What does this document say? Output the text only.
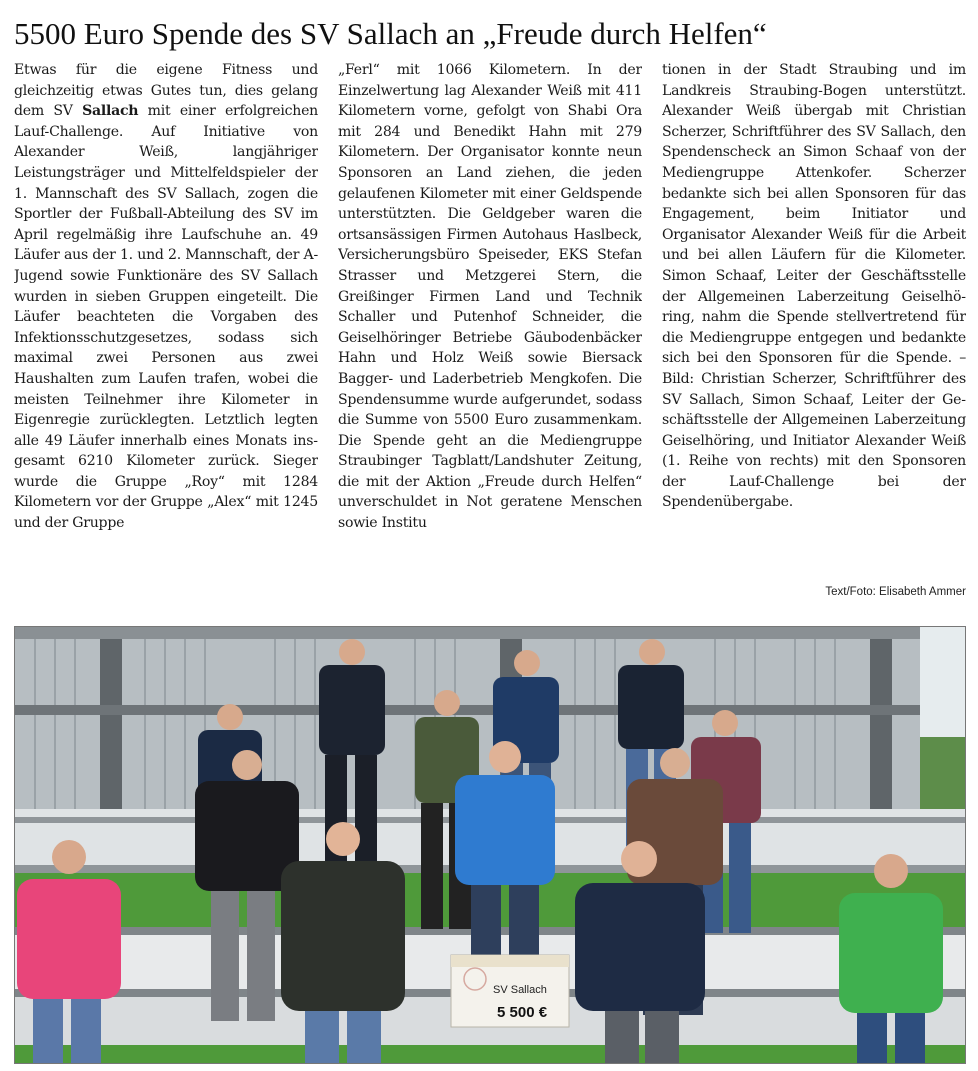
5500 Euro Spende des SV Sallach an „Freude durch Helfen“

Etwas für die eigene Fitness und gleichzeitig etwas Gutes tun, dies gelang dem SV Sallach mit einer erfolgreichen Lauf-Challenge. Auf Initiative von Alexander Weiß, langjähriger Leistungsträger und Mittelfeldspieler der 1. Mannschaft des SV Sallach, zogen die Sportler der Fußball-Abteilung des SV im April regelmäßig ihre Laufschuhe an. 49 Läufer aus der 1. und 2. Mannschaft, der A-Jugend sowie Funktionäre des SV Sallach wurden in sieben Gruppen eingeteilt. Die Läufer beachteten die Vorgaben des Infektionsschutzgesetzes, sodass sich maximal zwei Personen aus zwei Haushalten zum Laufen trafen, wobei die meisten Teilnehmer ihre Kilometer in Eigenregie zurücklegten. Letztlich legten alle 49 Läufer innerhalb eines Monats insgesamt 6210 Kilometer zurück. Sieger wurde die Gruppe „Roy“ mit 1284 Kilometern vor der Gruppe „Alex“ mit 1245 und der Gruppe

„Ferl“ mit 1066 Kilometern. In der Einzelwertung lag Alexander Weiß mit 411 Kilometern vorne, gefolgt von Shabi Ora mit 284 und Benedikt Hahn mit 279 Kilometern. Der Organisator konnte neun Sponsoren an Land ziehen, die jeden gelaufenen Kilometer mit einer Geldspende unterstützten. Die Geldgeber waren die ortsansässigen Firmen Autohaus Haslbeck, Versicherungsbüro Speiseder, EKS Stefan Strasser und Metzgerei Stern, die Greißinger Firmen Land und Technik Schaller und Putenhof Schneider, die Geiselhöringer Betriebe Gäubodenbäcker Hahn und Holz Weiß sowie Biersack Bagger- und Laderbetrieb Mengkofen. Die Spendensumme wurde aufgerundet, sodass die Summe von 5500 Euro zusammenkam. Die Spende geht an die Mediengruppe Straubinger Tagblatt/Landshuter Zeitung, die mit der Aktion „Freude durch Helfen“ unverschuldet in Not geratene Menschen sowie Institu

tionen in der Stadt Straubing und im Landkreis Straubing-Bogen unterstützt. Alexander Weiß übergab mit Christian Scherzer, Schriftführer des SV Sallach, den Spendenscheck an Simon Schaaf von der Mediengruppe Attenkofer. Scherzer bedankte sich bei allen Sponsoren für das Engagement, beim Initiator und Organisator Alexander Weiß für die Arbeit und bei allen Läufern für die Kilometer. Simon Schaaf, Leiter der Geschäftsstelle der Allgemeinen Laberzeitung Geiselhöring, nahm die Spende stellvertretend für die Mediengruppe entgegen und bedankte sich bei den Sponsoren für die Spende. – Bild: Christian Scherzer, Schriftführer des SV Sallach, Simon Schaaf, Leiter der Geschäftsstelle der Allgemeinen Laberzeitung Geiselhöring, und Initiator Alexander Weiß (1. Reihe von rechts) mit den Sponsoren der Lauf-Challenge bei der Spendenübergabe.

Text/Foto: Elisabeth Ammer
SV Sallach
5 500 €
